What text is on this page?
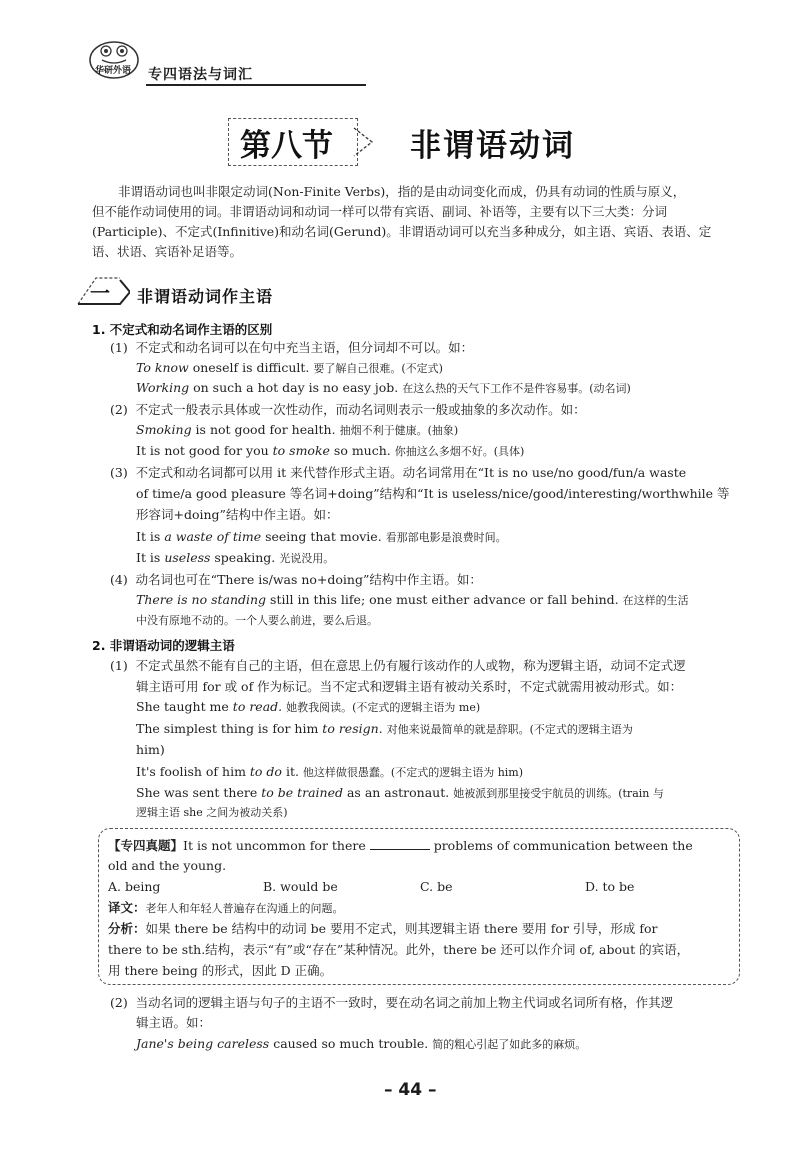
华研外语 专四语法与词汇
第八节 非谓语动词
非谓语动词也叫非限定动词(Non-Finite Verbs)，指的是由动词变化而成，仍具有动词的性质与原义，
但不能作动词使用的词。非谓语动词和动词一样可以带有宾语、副词、补语等，主要有以下三大类：分词
(Participle)、不定式(Infinitive)和动名词(Gerund)。非谓语动词可以充当多种成分，如主语、宾语、表语、定
语、状语、宾语补足语等。
一 非谓语动词作主语
1. 不定式和动名词作主语的区别
(1) 不定式和动名词可以在句中充当主语，但分词却不可以。如：
To know oneself is difficult. 要了解自己很难。(不定式)
Working on such a hot day is no easy job. 在这么热的天气下工作不是件容易事。(动名词)
(2) 不定式一般表示具体或一次性动作，而动名词则表示一般或抽象的多次动作。如：
Smoking is not good for health. 抽烟不利于健康。(抽象)
It is not good for you to smoke so much. 你抽这么多烟不好。(具体)
(3) 不定式和动名词都可以用 it 来代替作形式主语。动名词常用在“It is no use/no good/fun/a waste
of time/a good pleasure 等名词+doing”结构和“It is useless/nice/good/interesting/worthwhile 等
形容词+doing”结构中作主语。如：
It is a waste of time seeing that movie. 看那部电影是浪费时间。
It is useless speaking. 光说没用。
(4) 动名词也可在“There is/was no+doing”结构中作主语。如：
There is no standing still in this life; one must either advance or fall behind. 在这样的生活
中没有原地不动的。一个人要么前进，要么后退。
2. 非谓语动词的逻辑主语
(1) 不定式虽然不能有自己的主语，但在意思上仍有履行该动作的人或物，称为逻辑主语，动词不定式逻
辑主语可用 for 或 of 作为标记。当不定式和逻辑主语有被动关系时，不定式就需用被动形式。如：
She taught me to read. 她教我阅读。(不定式的逻辑主语为 me)
The simplest thing is for him to resign. 对他来说最简单的就是辞职。(不定式的逻辑主语为
him)
It's foolish of him to do it. 他这样做很愚蠢。(不定式的逻辑主语为 him)
She was sent there to be trained as an astronaut. 她被派到那里接受宇航员的训练。(train 与
逻辑主语 she 之间为被动关系)
【专四真题】It is not uncommon for there	problems of communication between the
old and the young.
A. being	B. would be	C. be	D. to be
译文：老年人和年轻人普遍存在沟通上的问题。
分析：如果 there be 结构中的动词 be 要用不定式，则其逻辑主语 there 要用 for 引导，形成 for
there to be sth.结构，表示“有”或“存在”某种情况。此外，there be 还可以作介词 of, about 的宾语，
用 there being 的形式，因此 D 正确。
(2) 当动名词的逻辑主语与句子的主语不一致时，要在动名词之前加上物主代词或名词所有格，作其逻
辑主语。如：
Jane's being careless caused so much trouble. 简的粗心引起了如此多的麻烦。
– 44 –
